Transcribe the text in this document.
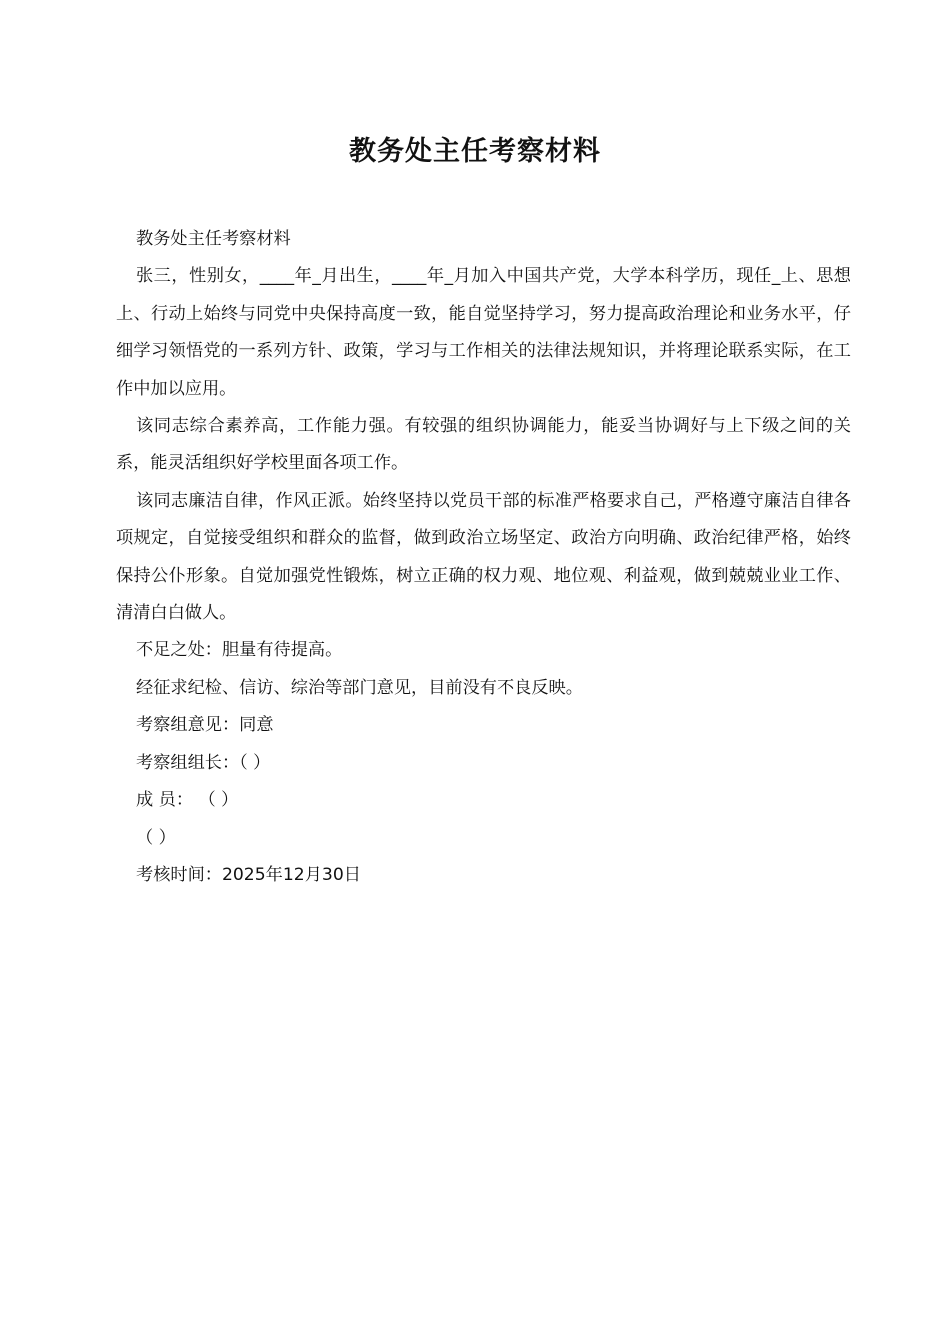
教务处主任考察材料

教务处主任考察材料

张三，性别女，____年_月出生，____年_月加入中国共产党，大学本科学历，现任_上、思想上、行动上始终与同党中央保持高度一致，能自觉坚持学习，努力提高政治理论和业务水平，仔细学习领悟党的一系列方针、政策，学习与工作相关的法律法规知识，并将理论联系实际，在工作中加以应用。

该同志综合素养高，工作能力强。有较强的组织协调能力，能妥当协调好与上下级之间的关系，能灵活组织好学校里面各项工作。

该同志廉洁自律，作风正派。始终坚持以党员干部的标准严格要求自己，严格遵守廉洁自律各项规定，自觉接受组织和群众的监督，做到政治立场坚定、政治方向明确、政治纪律严格，始终保持公仆形象。自觉加强党性锻炼，树立正确的权力观、地位观、利益观，做到兢兢业业工作、清清白白做人。

不足之处：胆量有待提高。

经征求纪检、信访、综治等部门意见，目前没有不良反映。

考察组意见：同意

考察组组长：（ ）

成 员： （ ）

（ ）

考核时间：2025年12月30日
